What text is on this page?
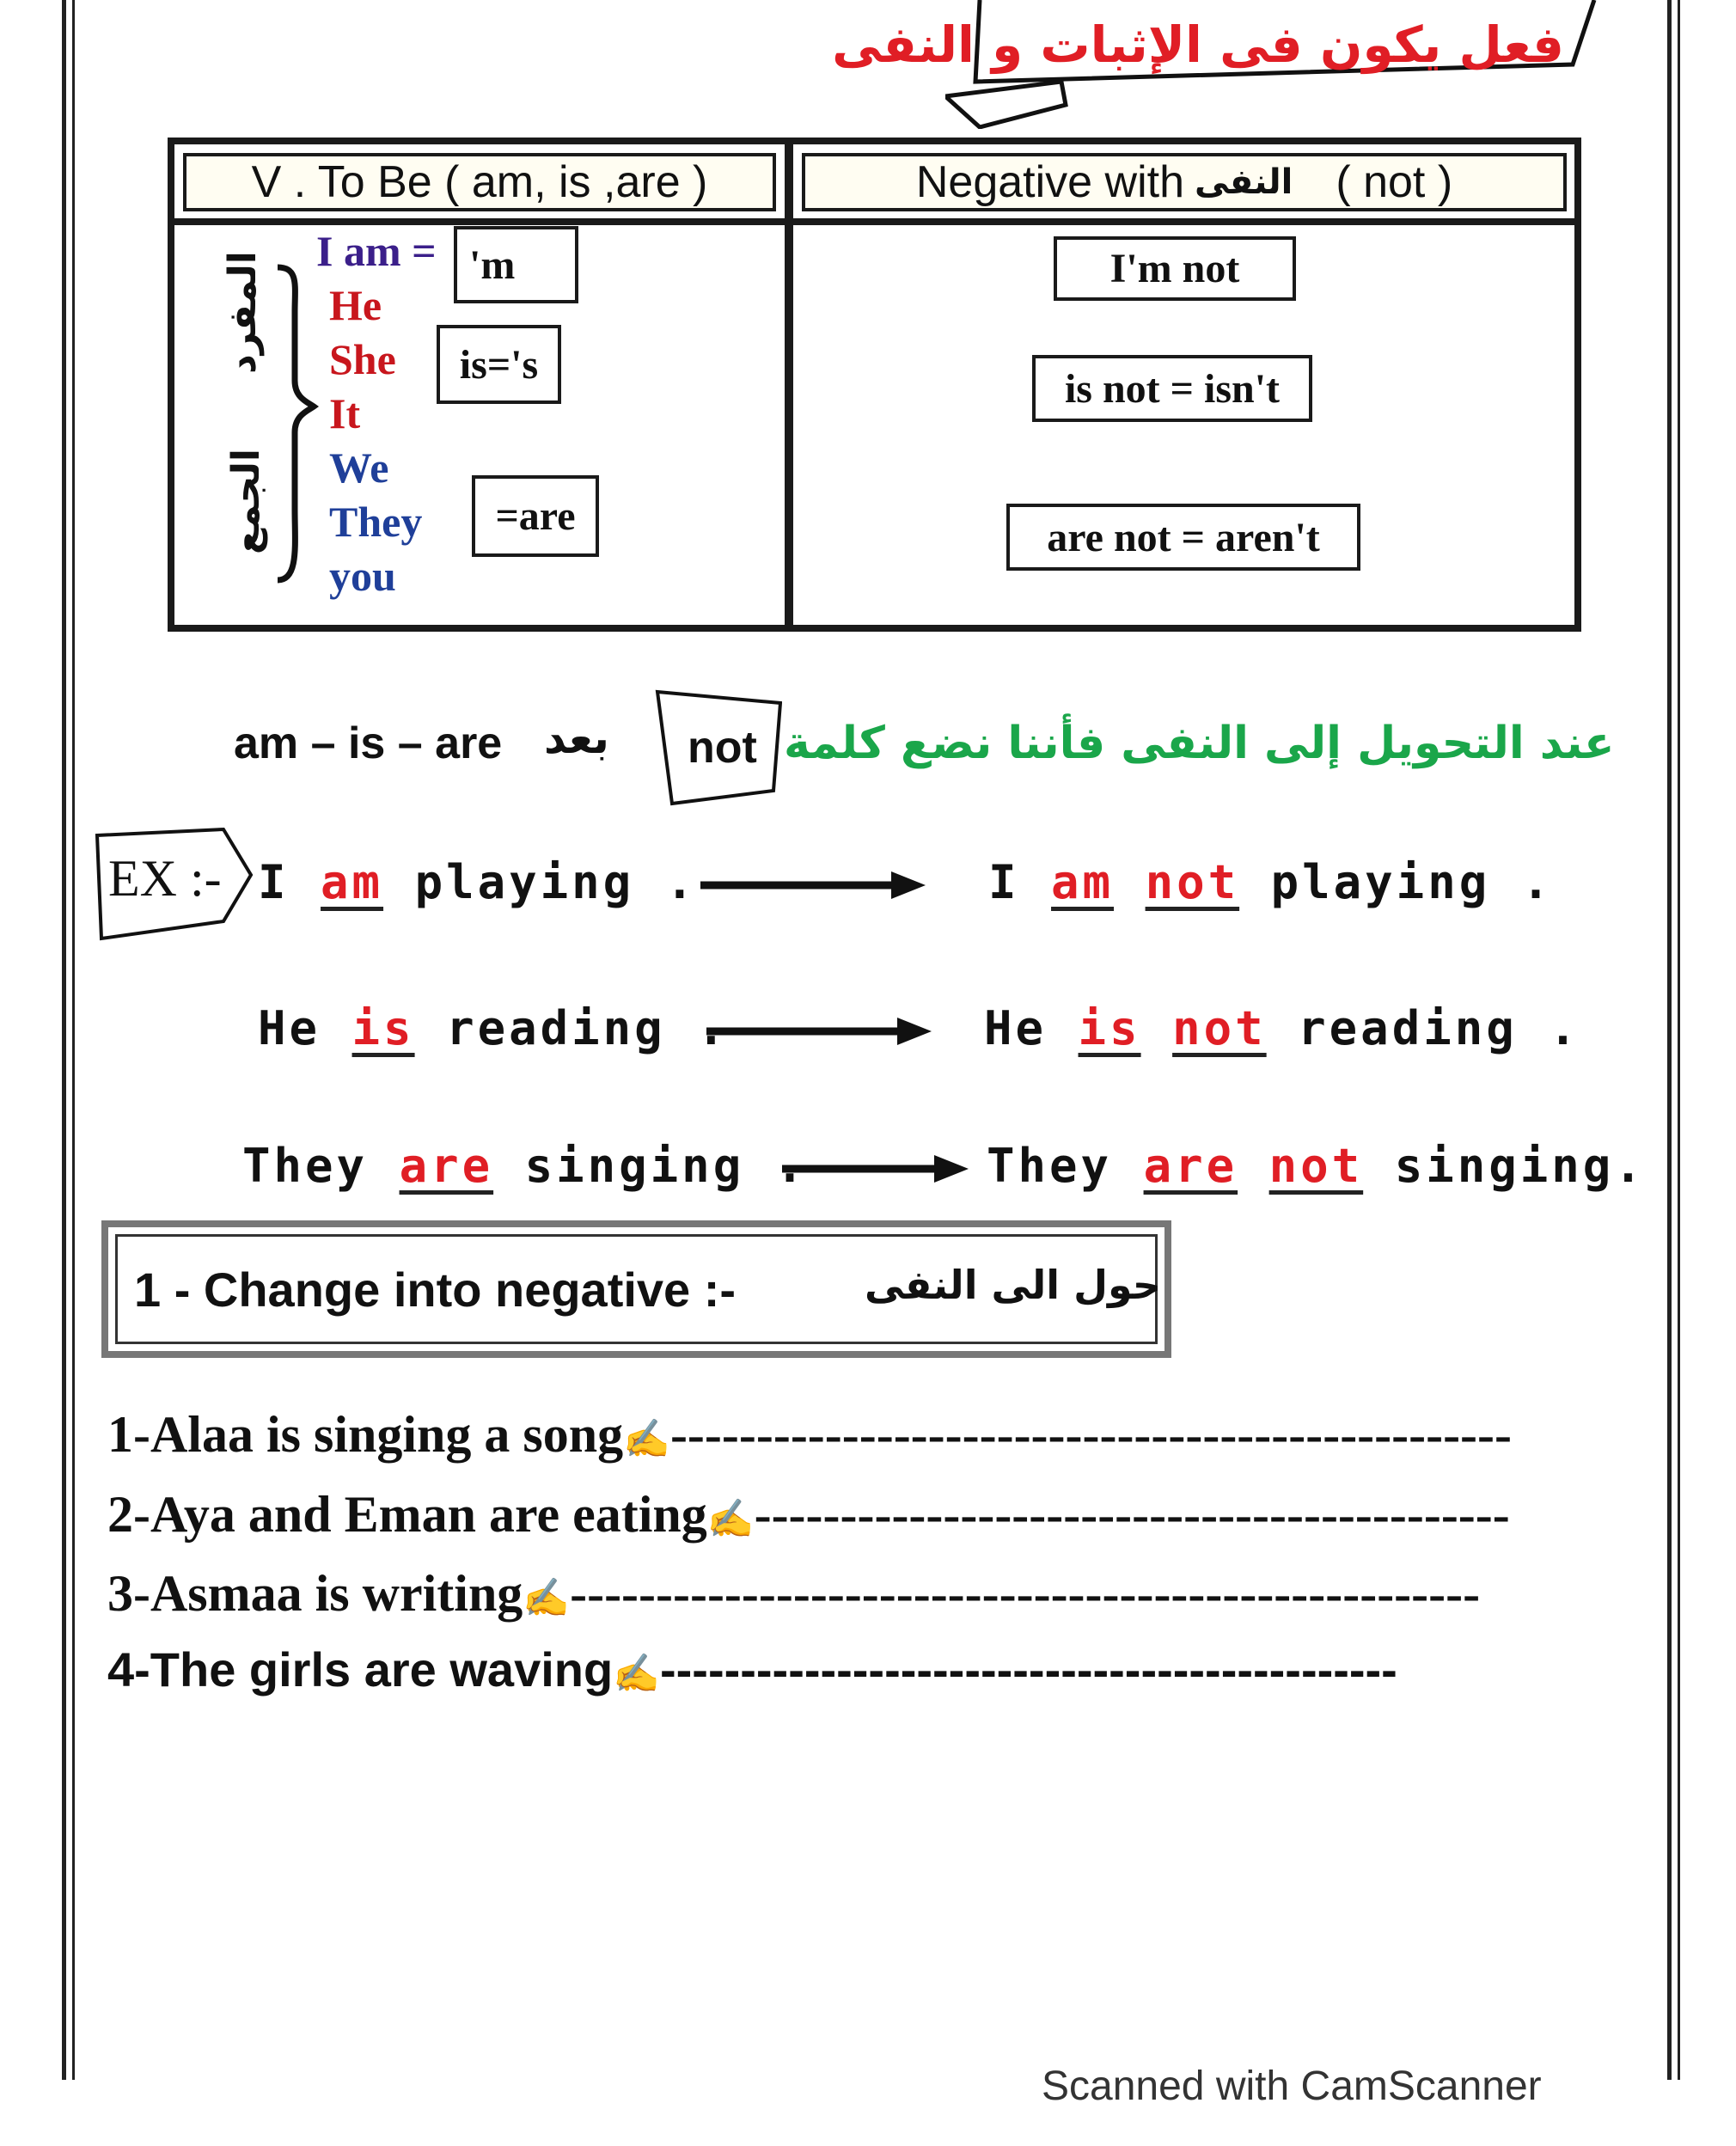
فعل يكون فى الإثبات و النفى
V . To Be ( am, is ,are )	Negative with النفى ( not )
المفرد
الجمع
I am =
He
She
It
We
They
you
'm
is='s
=are
I'm not
is not = isn't
are not = aren't
am – is – are بعد not عند التحويل إلى النفى فأننا نضع كلمة
EX :- I am playing .	I am not playing .
He is reading .	He is not reading .
They are singing .	They are not singing.
1 - Change into negative :-	حول الى النفى
1-Alaa is singing a song✍-------------------------------------------------
2-Aya and Eman are eating✍--------------------------------------------
3-Asmaa is writing✍-----------------------------------------------------
4-The girls are waving✍----------------------------------------------
Scanned with CamScanner
